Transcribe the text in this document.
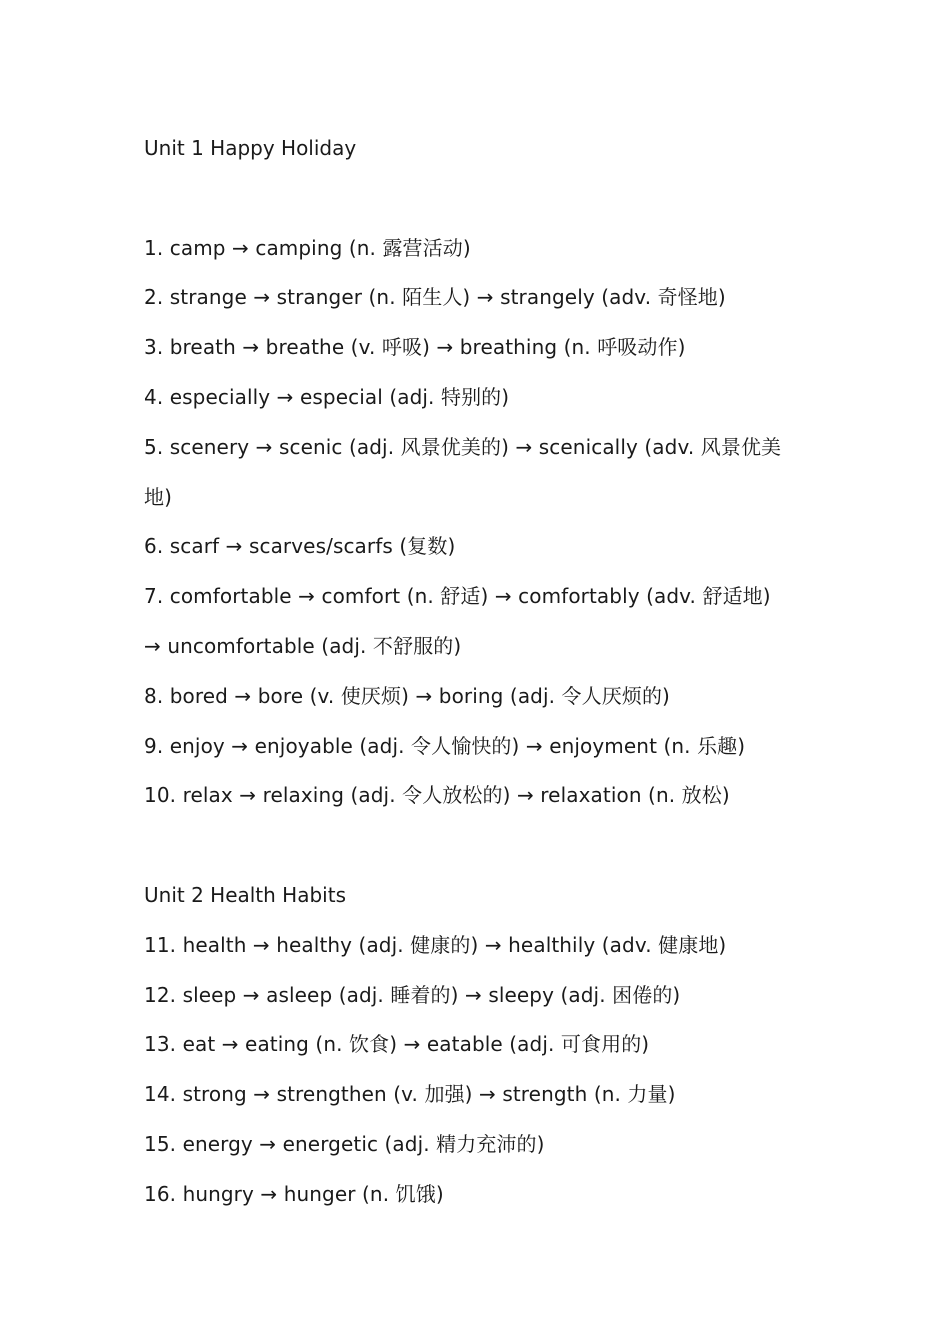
Unit 1 Happy Holiday
1. camp → camping (n. 露营活动)
2. strange → stranger (n. 陌生人) → strangely (adv. 奇怪地)
3. breath → breathe (v. 呼吸) → breathing (n. 呼吸动作)
4. especially → especial (adj. 特别的)
5. scenery → scenic (adj. 风景优美的) → scenically (adv. 风景优美
地)
6. scarf → scarves/scarfs (复数)
7. comfortable → comfort (n. 舒适) → comfortably (adv. 舒适地)
→ uncomfortable (adj. 不舒服的)
8. bored → bore (v. 使厌烦) → boring (adj. 令人厌烦的)
9. enjoy → enjoyable (adj. 令人愉快的) → enjoyment (n. 乐趣)
10. relax → relaxing (adj. 令人放松的) → relaxation (n. 放松)
Unit 2 Health Habits
11. health → healthy (adj. 健康的) → healthily (adv. 健康地)
12. sleep → asleep (adj. 睡着的) → sleepy (adj. 困倦的)
13. eat → eating (n. 饮食) → eatable (adj. 可食用的)
14. strong → strengthen (v. 加强) → strength (n. 力量)
15. energy → energetic (adj. 精力充沛的)
16. hungry → hunger (n. 饥饿)
